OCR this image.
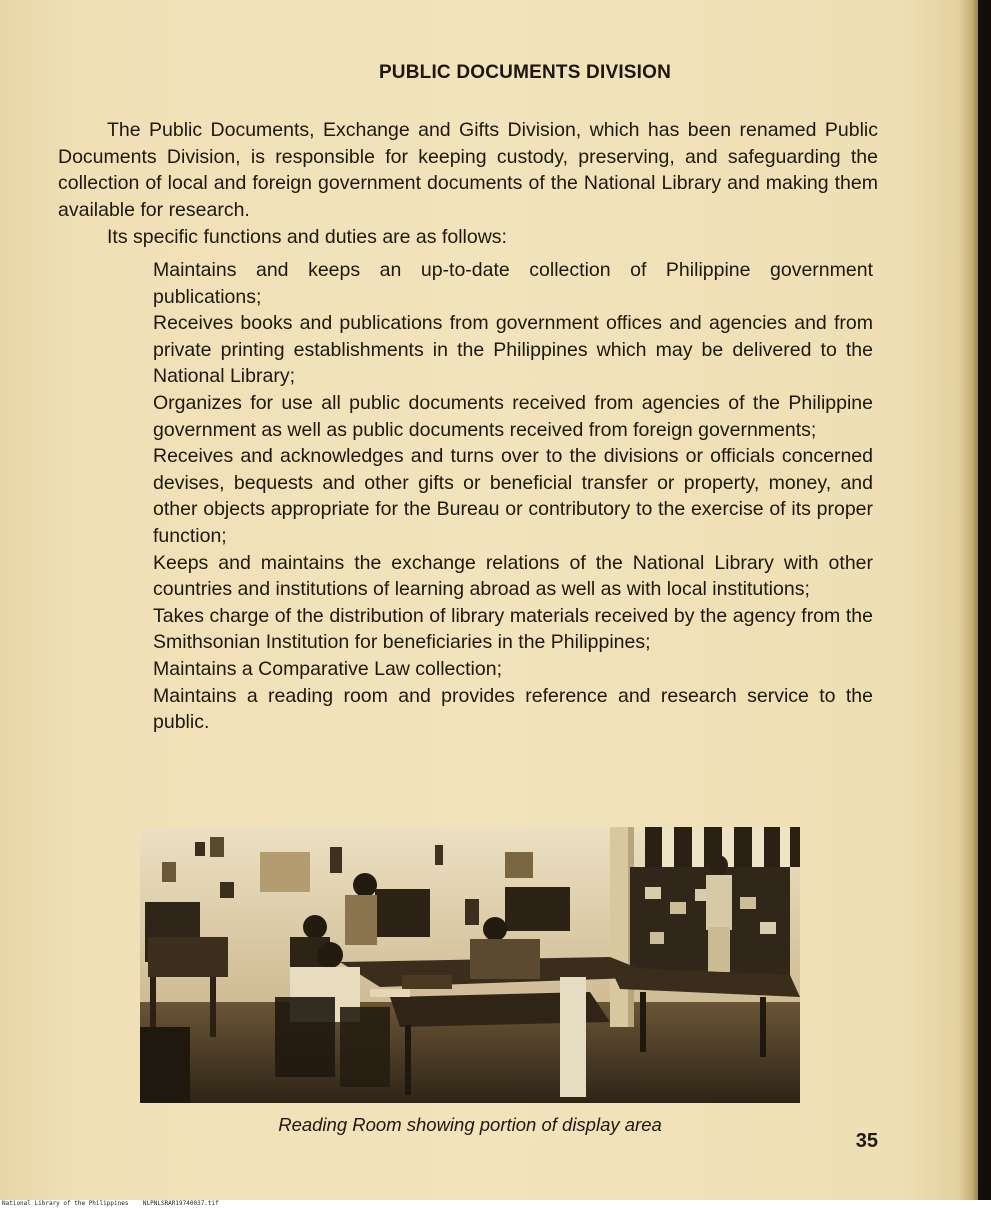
PUBLIC DOCUMENTS DIVISION

The Public Documents, Exchange and Gifts Division, which has been renamed Public Documents Division, is responsible for keeping custody, preserving, and safeguarding the collection of local and foreign government documents of the National Library and making them available for research.

Its specific functions and duties are as follows:

Maintains and keeps an up-to-date collection of Philippine government publications;
Receives books and publications from government offices and agencies and from private printing establishments in the Philippines which may be delivered to the National Library;
Organizes for use all public documents received from agencies of the Philippine government as well as public documents received from foreign governments;
Receives and acknowledges and turns over to the divisions or officials concerned devises, bequests and other gifts or beneficial transfer or property, money, and other objects appropriate for the Bureau or contributory to the exercise of its proper function;
Keeps and maintains the exchange relations of the National Library with other countries and institutions of learning abroad as well as with local institutions;
Takes charge of the distribution of library materials received by the agency from the Smithsonian Institution for beneficiaries in the Philippines;
Maintains a Comparative Law collection;
Maintains a reading room and provides reference and research service to the public.

Reading Room showing portion of display area

35
National Library of the Philippines NLPNLSRAR19740037.tif
